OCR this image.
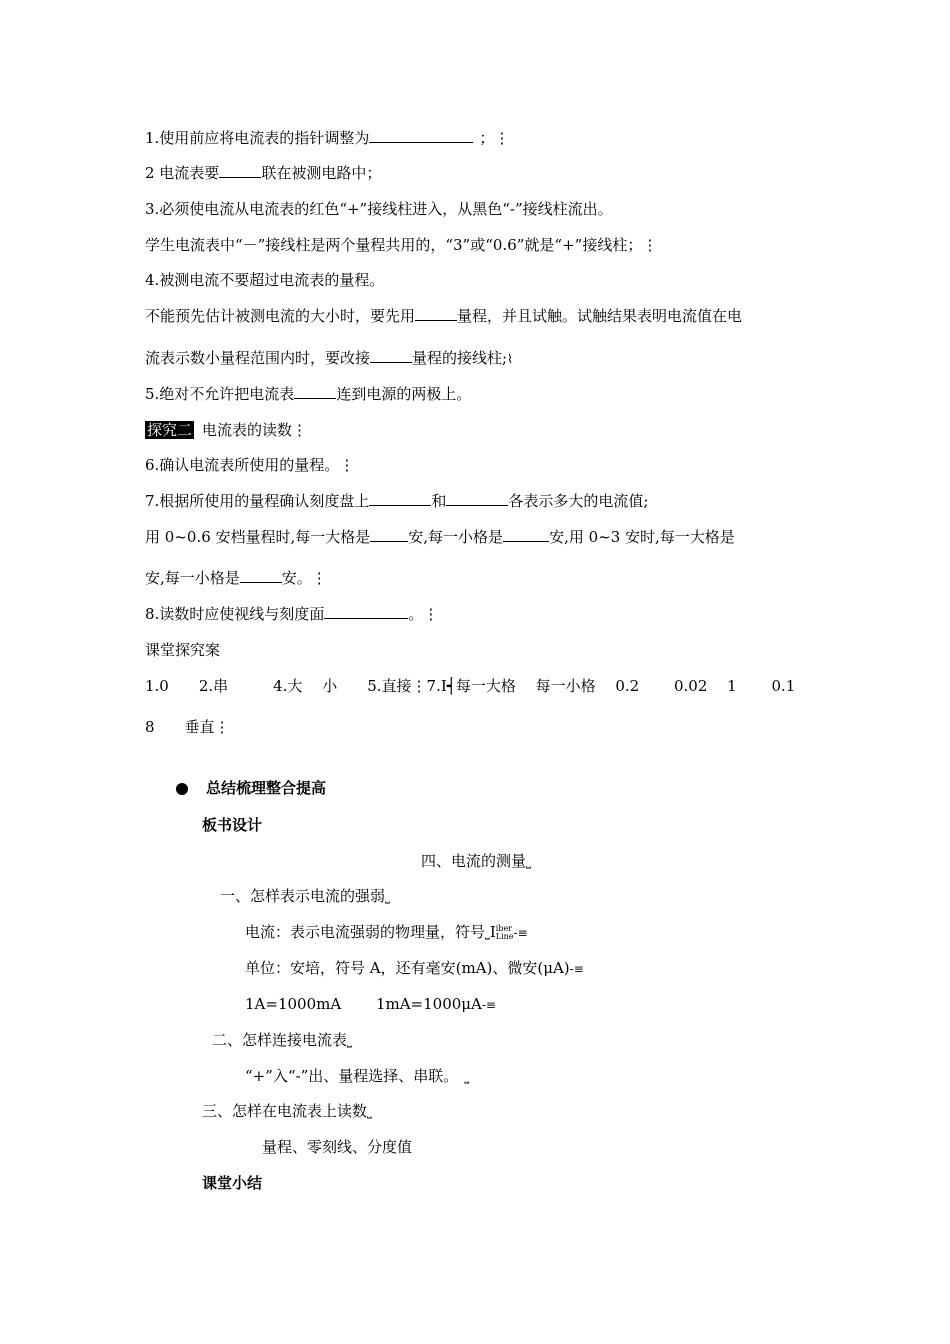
1.使用前应将电流表的指针调整为	；⋮
2 电流表要	联在被测电路中；
3.必须使电流从电流表的红色“+”接线柱进入，从黑色“-”接线柱流出。
学生电流表中“－”接线柱是两个量程共用的，“3”或“0.6”就是“+”接线柱；⋮
4.被测电流不要超过电流表的量程。
不能预先估计被测电流的大小时，要先用	量程，并且试触。试触结果表明电流值在电
流表示数小量程范围内时，要改接	量程的接线柱;⌇
5.绝对不允许把电流表	连到电源的两极上。
探究二 电流表的读数⋮
6.确认电流表所使用的量程。⋮
7.根据所使用的量程确认刻度盘上	和	各表示多大的电流值;
用 0~0.6 安档量程时,每一大格是	安,每一小格是	安,用 0~3 安时,每一大格是
安,每一小格是	安。⋮
8.读数时应使视线与刻度面	。⋮
课堂探究案
1.0　　2.串　　　4.大　 小　　5.直接⋮7.I┥每一大格　 每一小格　 0.2　　 0.02　 1　　 0.1
8　　垂直⋮
总结梳理整合提高
板书设计
四、电流的测量⎵
一、怎样表示电流的强弱⎵
电流：表示电流强弱的物理量，符号⎵Iiber
Line-≡
单位：安培，符号 A，还有毫安(mA)、微安(μA)-≡
1A=1000mA　　 1mA=1000μA-≡
二、怎样连接电流表⎵
“+”入“-”出、量程选择、串联。 ⎵
三、怎样在电流表上读数⎵
量程、零刻线、分度值
课堂小结
